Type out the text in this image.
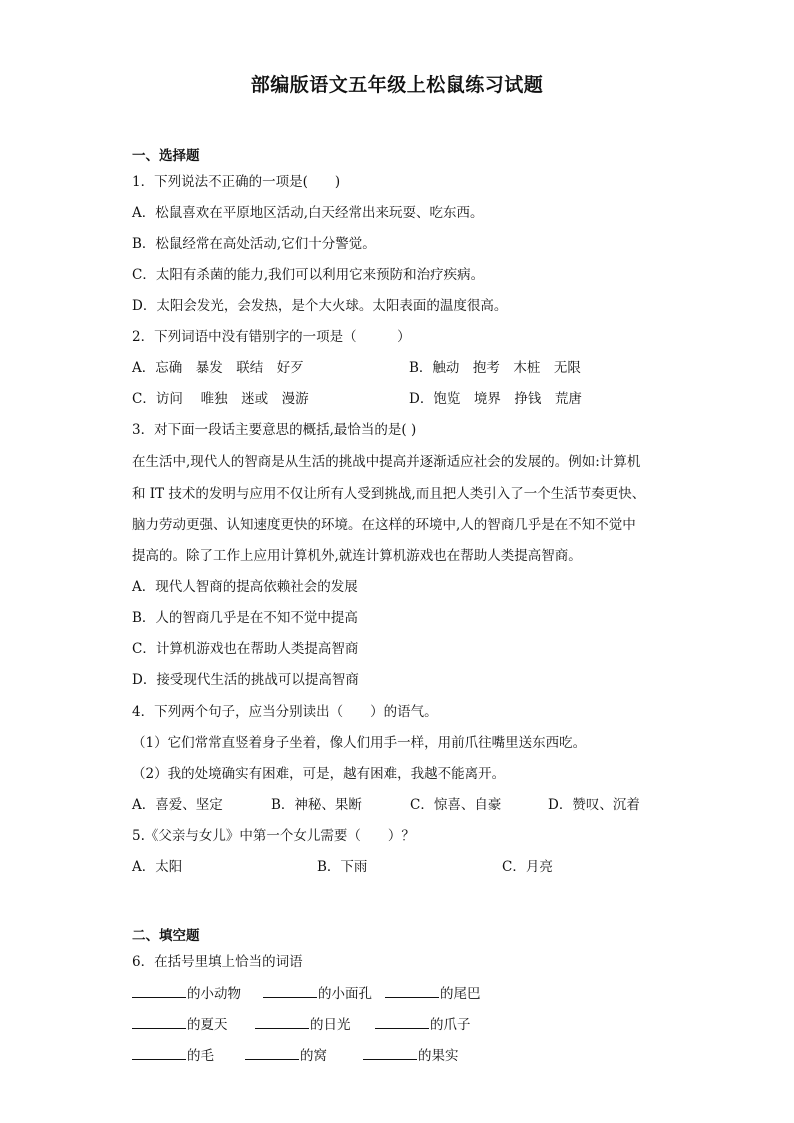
部编版语文五年级上松鼠练习试题
一、选择题
1．下列说法不正确的一项是(　　)
A．松鼠喜欢在平原地区活动,白天经常出来玩耍、吃东西。
B．松鼠经常在高处活动,它们十分警觉。
C．太阳有杀菌的能力,我们可以利用它来预防和治疗疾病。
D．太阳会发光，会发热，是个大火球。太阳表面的温度很高。
2．下列词语中没有错别字的一项是（　　　）
A．忘确　暴发　联结　好歹	B．触动　抱考　木桩　无限
C．访问　 唯独　迷或　漫游	D．饱览　境界　挣钱　荒唐
3．对下面一段话主要意思的概括,最恰当的是( )
在生活中,现代人的智商是从生活的挑战中提高并逐渐适应社会的发展的。例如:计算机
和 IT 技术的发明与应用不仅让所有人受到挑战,而且把人类引入了一个生活节奏更快、
脑力劳动更强、认知速度更快的环境。在这样的环境中,人的智商几乎是在不知不觉中
提高的。除了工作上应用计算机外,就连计算机游戏也在帮助人类提高智商。
A．现代人智商的提高依赖社会的发展
B．人的智商几乎是在不知不觉中提高
C．计算机游戏也在帮助人类提高智商
D．接受现代生活的挑战可以提高智商
4．下列两个句子，应当分别读出（　　）的语气。
（1）它们常常直竖着身子坐着，像人们用手一样，用前爪往嘴里送东西吃。
（2）我的处境确实有困难，可是，越有困难，我越不能离开。
A．喜爱、坚定	B．神秘、果断	C．惊喜、自豪	D．赞叹、沉着
5.《父亲与女儿》中第一个女儿需要（　　）？
A．太阳	B．下雨	C．月亮
二、填空题
6．在括号里填上恰当的词语
的小动物	的小面孔	的尾巴
的夏天	的日光	的爪子
的毛	的窝	的果实
